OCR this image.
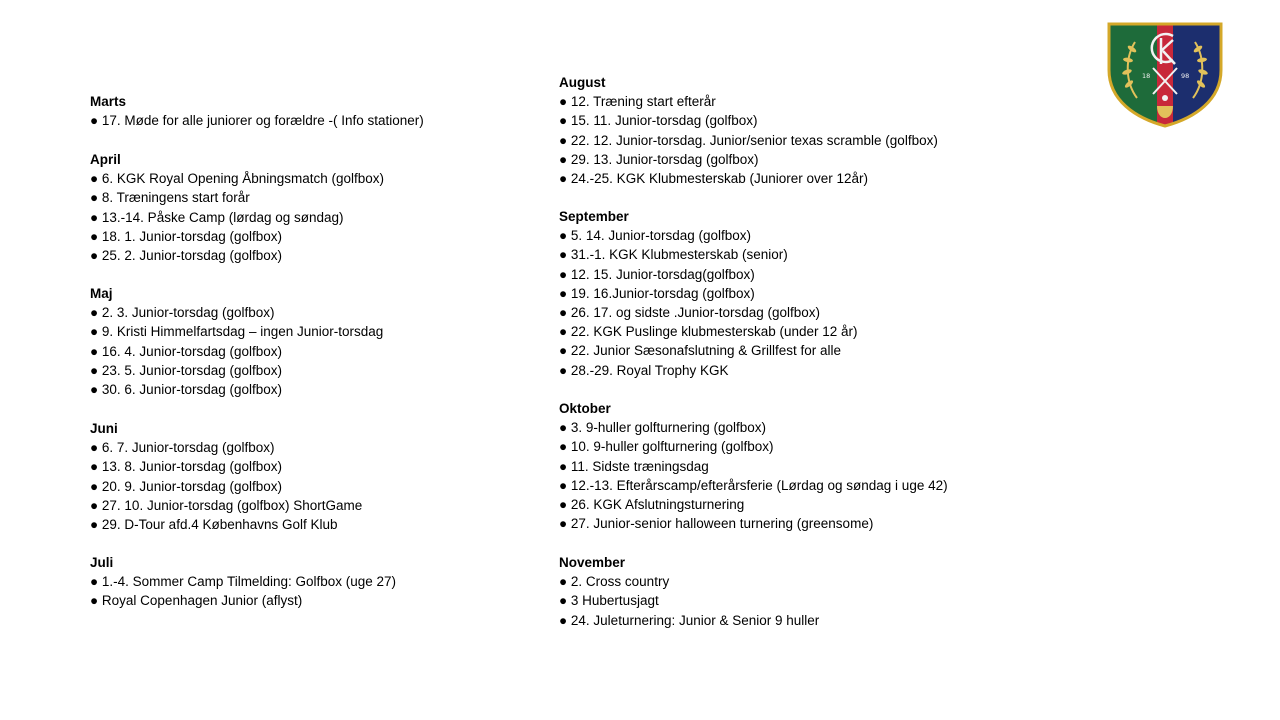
Marts
● 17. Møde for alle juniorer og forældre -( Info stationer)
April
● 6. KGK Royal Opening Åbningsmatch (golfbox)
● 8. Træningens start forår
● 13.-14. Påske Camp (lørdag og søndag)
● 18. 1. Junior-torsdag (golfbox)
● 25. 2. Junior-torsdag (golfbox)
Maj
● 2. 3. Junior-torsdag (golfbox)
● 9. Kristi Himmelfartsdag – ingen Junior-torsdag
● 16. 4. Junior-torsdag (golfbox)
● 23. 5. Junior-torsdag (golfbox)
● 30. 6. Junior-torsdag (golfbox)
Juni
● 6. 7. Junior-torsdag (golfbox)
● 13. 8. Junior-torsdag (golfbox)
● 20. 9. Junior-torsdag (golfbox)
● 27. 10. Junior-torsdag (golfbox) ShortGame
● 29. D-Tour afd.4 Københavns Golf Klub
Juli
● 1.-4. Sommer Camp Tilmelding: Golfbox (uge 27)
● Royal Copenhagen Junior (aflyst)
August
● 12. Træning start efterår
● 15. 11. Junior-torsdag (golfbox)
● 22. 12. Junior-torsdag. Junior/senior texas scramble (golfbox)
● 29. 13. Junior-torsdag (golfbox)
● 24.-25. KGK Klubmesterskab (Juniorer over 12år)
September
● 5. 14. Junior-torsdag (golfbox)
● 31.-1. KGK Klubmesterskab (senior)
● 12. 15. Junior-torsdag(golfbox)
● 19. 16.Junior-torsdag (golfbox)
● 26. 17. og sidste .Junior-torsdag (golfbox)
● 22. KGK Puslinge klubmesterskab (under 12 år)
● 22. Junior Sæsonafslutning & Grillfest for alle
● 28.-29. Royal Trophy KGK
Oktober
● 3. 9-huller golfturnering (golfbox)
● 10. 9-huller golfturnering (golfbox)
● 11. Sidste træningsdag
● 12.-13. Efterårscamp/efterårsferie (Lørdag og søndag i uge 42)
● 26. KGK Afslutningsturnering
● 27. Junior-senior halloween turnering (greensome)
November
● 2. Cross country
● 3 Hubertusjagt
● 24. Juleturnering: Junior & Senior 9 huller
18	98
